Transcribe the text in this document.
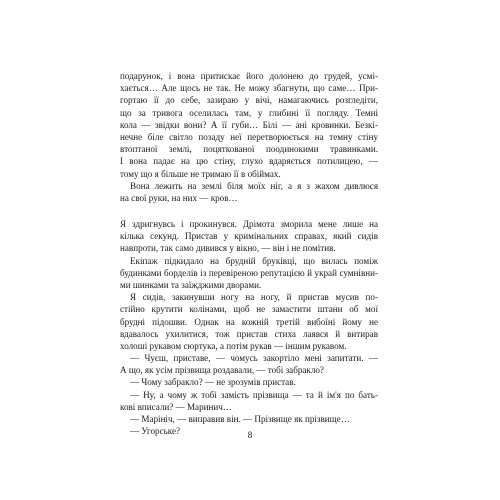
подарунок, і вона притискає його долонею до грудей, усмі-
хається… Але щось не так. Не можу збагнути, що саме… При-
гортаю її до себе, зазираю у вічі, намагаючись розгледіти,
що за тривога оселилась там, у глибині її погляду. Темні
кола — звідки вони? А її губи… Білі — ані кровинки. Безкі-
нечне біле світло позаду неї перетворюється на темну стіну
втоптаної землі, поцяткованої поодинокими травинками.
І вона падає на цю стіну, глухо вдаряється потилицею, —
тому що я більше не тримаю її в обіймах.
Вона лежить на землі біля моїх ніг, а я з жахом дивлюся
на свої руки, на них — кров…
Я здригнувсь і прокинувся. Дрімота зморила мене лише на
кілька секунд. Пристав у кримінальних справах, який сидів
навпроти, так само дивився у вікно, — він і не помітив.
Екіпаж підкидало на бруднiй бруківці, що вилась поміж
будинками борделів із перевіреною репутацією й украй сумнівни-
ми шинками та заїжджими дворами.
Я сидів, закинувши ногу на ногу, й пристав мусив по-
стійно крутити колінами, щоб не замастити штани об мої
брудні підошви. Однак на кожній третій вибоїні йому не
вдавалось ухилитися, тож пристав стиха лаявся й витирав
холоші рукавом сюртука, а потім рукав — іншим рукавом.
— Чуєш, приставе, — чомусь закортіло мені запитати. —
А що, як усім прізвища роздавали, — тобі забракло?
— Чому забракло? — не зрозумів пристав.
— Ну, а чому ж тобі замість прізвища — та й ім'я по бать-
кові вписали? — Маринич…
— Марініч, — виправив він. — Прізвище як прізвище…
— Угорське?	8
